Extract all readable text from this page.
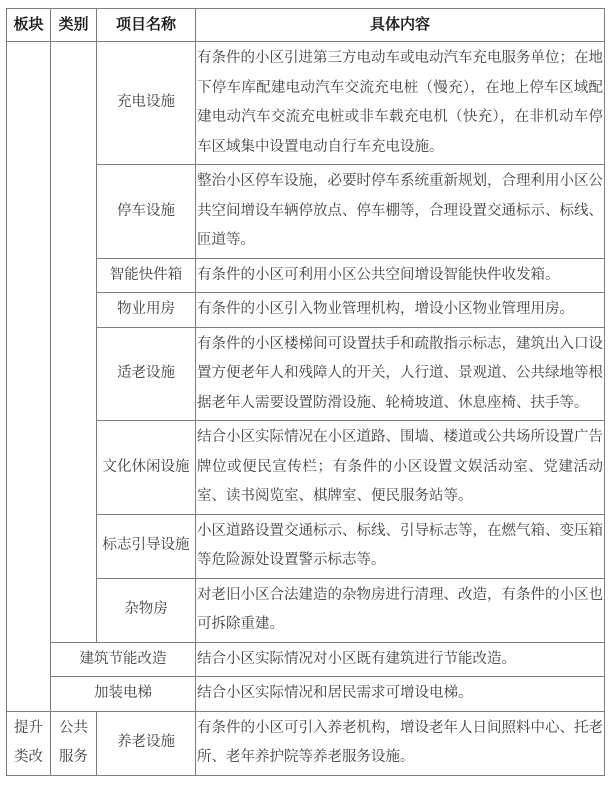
板块	类别	项目名称	具体内容
		充电设施	有条件的小区引进第三方电动车或电动汽车充电服务单位；在地下停车库配建电动汽车交流充电桩（慢充），在地上停车区域配建电动汽车交流充电桩或非车载充电机（快充），在非机动车停车区域集中设置电动自行车充电设施。
		停车设施	整治小区停车设施，必要时停车系统重新规划，合理利用小区公共空间增设车辆停放点、停车棚等，合理设置交通标示、标线、匝道等。
		智能快件箱	有条件的小区可利用小区公共空间增设智能快件收发箱。
		物业用房	有条件的小区引入物业管理机构，增设小区物业管理用房。
		适老设施	有条件的小区楼梯间可设置扶手和疏散指示标志，建筑出入口设置方便老年人和残障人的开关，人行道、景观道、公共绿地等根据老年人需要设置防滑设施、轮椅坡道、休息座椅、扶手等。
		文化休闲设施	结合小区实际情况在小区道路、围墙、楼道或公共场所设置广告牌位或便民宣传栏；有条件的小区设置文娱活动室、党建活动室、读书阅览室、棋牌室、便民服务站等。
		标志引导设施	小区道路设置交通标示、标线、引导标志等，在燃气箱、变压箱等危险源处设置警示标志等。
		杂物房	对老旧小区合法建造的杂物房进行清理、改造，有条件的小区也可拆除重建。
	建筑节能改造		结合小区实际情况对小区既有建筑进行节能改造。
	加装电梯		结合小区实际情况和居民需求可增设电梯。
提升类改	公共服务	养老设施	有条件的小区可引入养老机构，增设老年人日间照料中心、托老所、老年养护院等养老服务设施。
